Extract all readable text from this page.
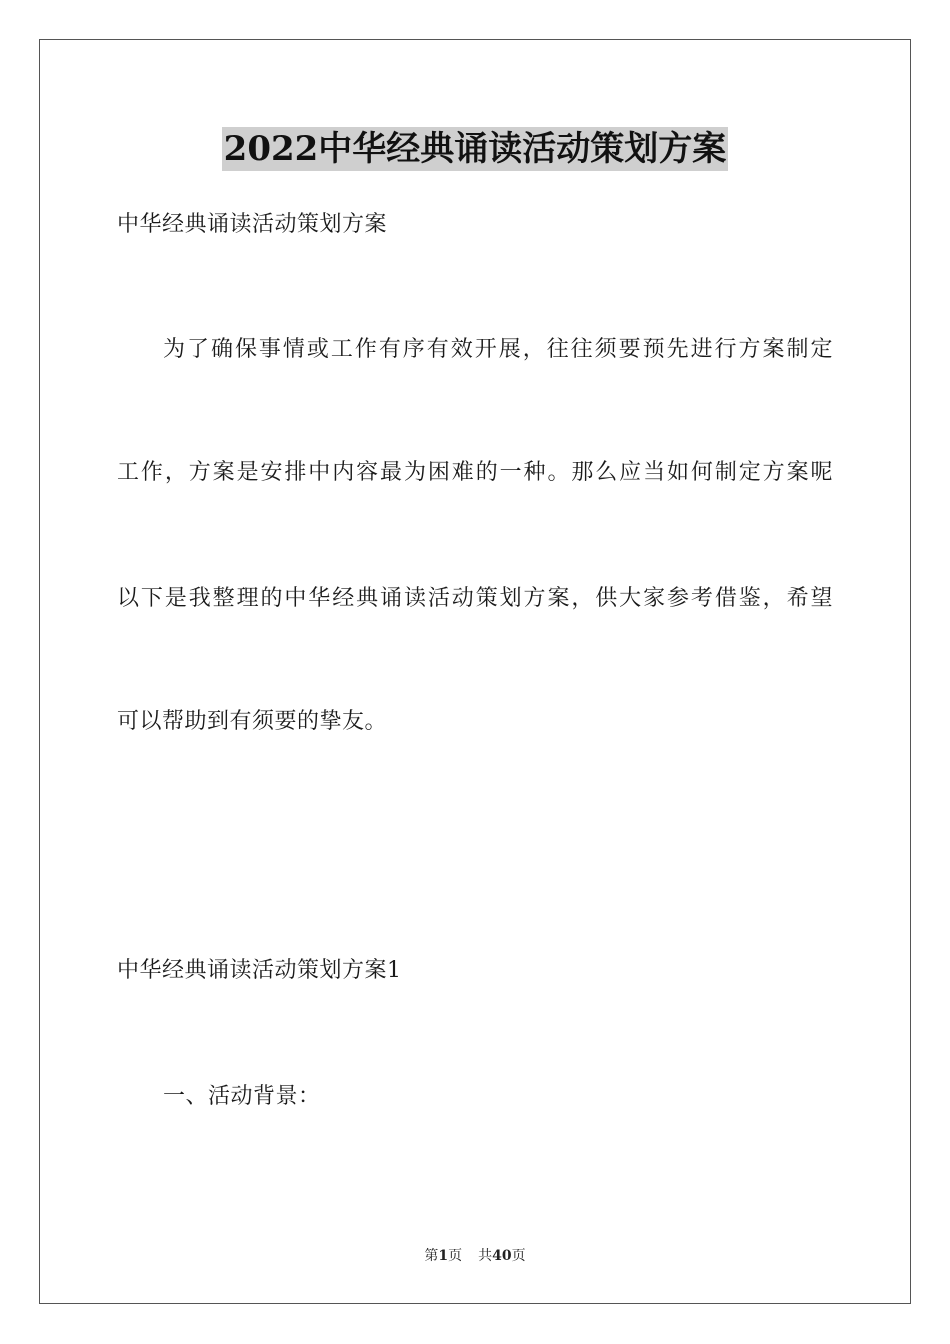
2022中华经典诵读活动策划方案
中华经典诵读活动策划方案
为了确保事情或工作有序有效开展，往往须要预先进行方案制定
工作，方案是安排中内容最为困难的一种。那么应当如何制定方案呢
以下是我整理的中华经典诵读活动策划方案，供大家参考借鉴，希望
可以帮助到有须要的挚友。
中华经典诵读活动策划方案1
一、活动背景：
第1页 共40页
